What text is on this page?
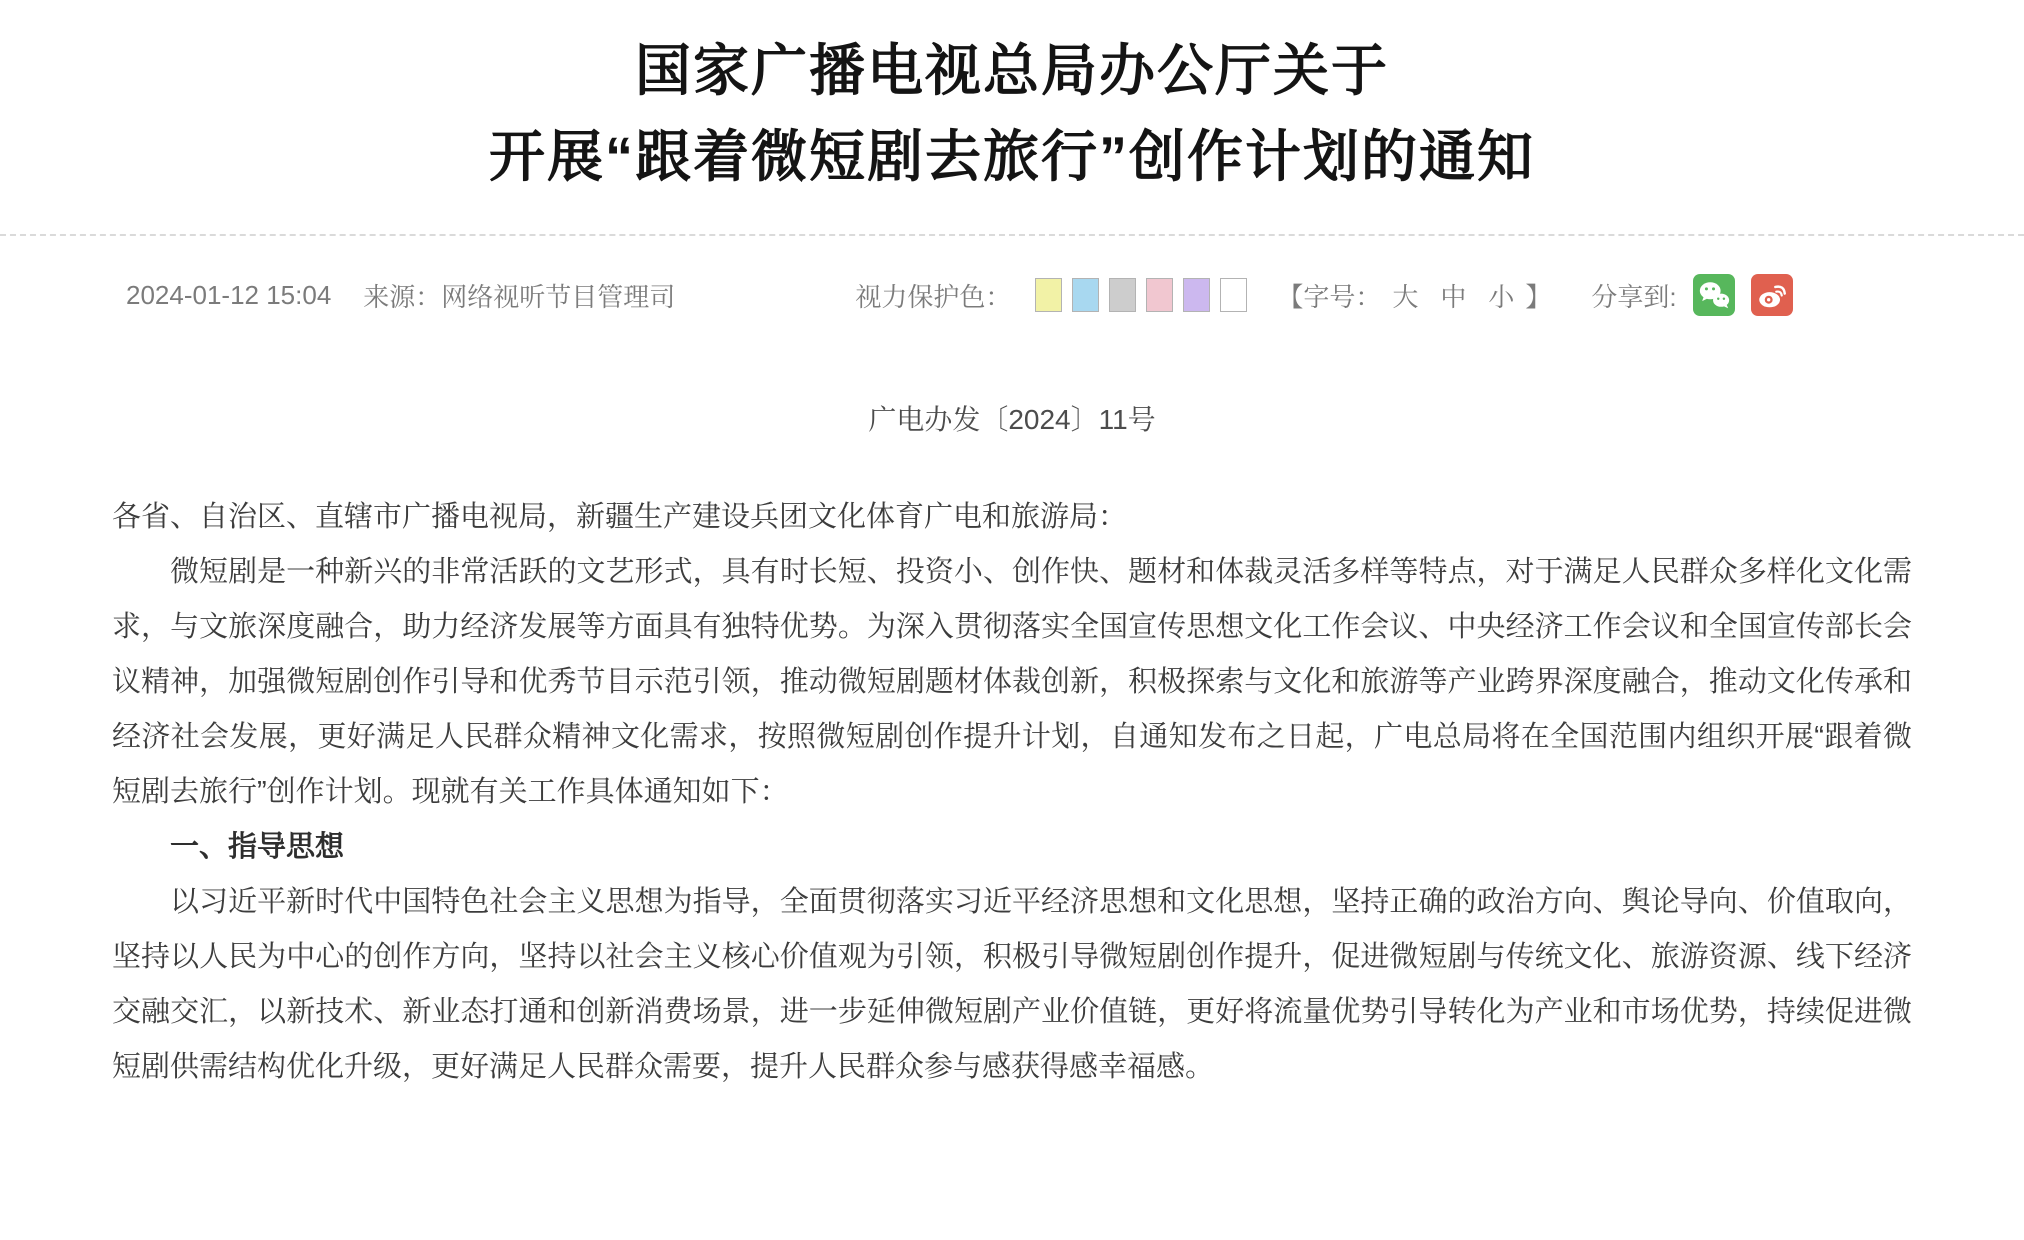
国家广播电视总局办公厅关于
开展“跟着微短剧去旅行”创作计划的通知
2024-01-12 15:04 来源：网络视听节目管理司	视力保护色：	【 字号： 大 中 小 】 分享到:
广电办发〔2024〕11号

各省、自治区、直辖市广播电视局，新疆生产建设兵团文化体育广电和旅游局：

微短剧是一种新兴的非常活跃的文艺形式，具有时长短、投资小、创作快、题材和体裁灵活多样等特点，对于满足人民群众多样化文化需求，与文旅深度融合，助力经济发展等方面具有独特优势。为深入贯彻落实全国宣传思想文化工作会议、中央经济工作会议和全国宣传部长会议精神，加强微短剧创作引导和优秀节目示范引领，推动微短剧题材体裁创新，积极探索与文化和旅游等产业跨界深度融合，推动文化传承和经济社会发展，更好满足人民群众精神文化需求，按照微短剧创作提升计划，自通知发布之日起，广电总局将在全国范围内组织开展“跟着微短剧去旅行”创作计划。现就有关工作具体通知如下：

一、指导思想

以习近平新时代中国特色社会主义思想为指导，全面贯彻落实习近平经济思想和文化思想，坚持正确的政治方向、舆论导向、价值取向，坚持以人民为中心的创作方向，坚持以社会主义核心价值观为引领，积极引导微短剧创作提升，促进微短剧与传统文化、旅游资源、线下经济交融交汇，以新技术、新业态打通和创新消费场景，进一步延伸微短剧产业价值链，更好将流量优势引导转化为产业和市场优势，持续促进微短剧供需结构优化升级，更好满足人民群众需要，提升人民群众参与感获得感幸福感。
